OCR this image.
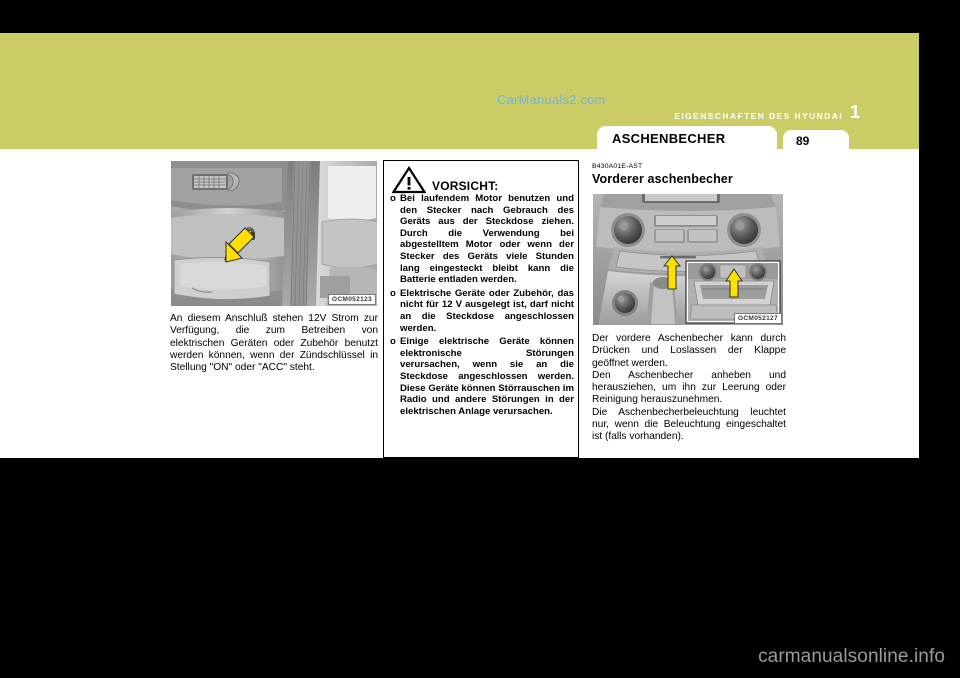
CarManuals2.com
EIGENSCHAFTEN DES HYUNDAI 1
ASCHENBECHER	89
OCM052123

An diesem Anschluß stehen 12V Strom zur Verfügung, die zum Betreiben von elektrischen Geräten oder Zubehör benutzt werden können, wenn der Zündschlüssel in Stellung "ON" oder "ACC" steht.

VORSICHT:
o Bei laufendem Motor benutzen und den Stecker nach Gebrauch des Geräts aus der Steckdose ziehen. Durch die Verwendung bei abgestelltem Motor oder wenn der Stecker des Geräts viele Stunden lang eingesteckt bleibt kann die Batterie entladen werden.
o Elektrische Geräte oder Zubehör, das nicht für 12 V ausgelegt ist, darf nicht an die Steckdose angeschlossen werden.
o Einige elektrische Geräte können elektronische Störungen verursachen, wenn sie an die Steckdose angeschlossen werden. Diese Geräte können Störrauschen im Radio und andere Störungen in der elektrischen Anlage verursachen.
B430A01E-AST
Vorderer aschenbecher
OCM052127

Der vordere Aschenbecher kann durch Drücken und Loslassen der Klappe geöffnet werden.

Den Aschenbecher anheben und herausziehen, um ihn zur Leerung oder Reinigung herauszunehmen.

Die Aschenbecherbeleuchtung leuchtet nur, wenn die Beleuchtung eingeschaltet ist (falls vorhanden).

carmanualsonline.info
